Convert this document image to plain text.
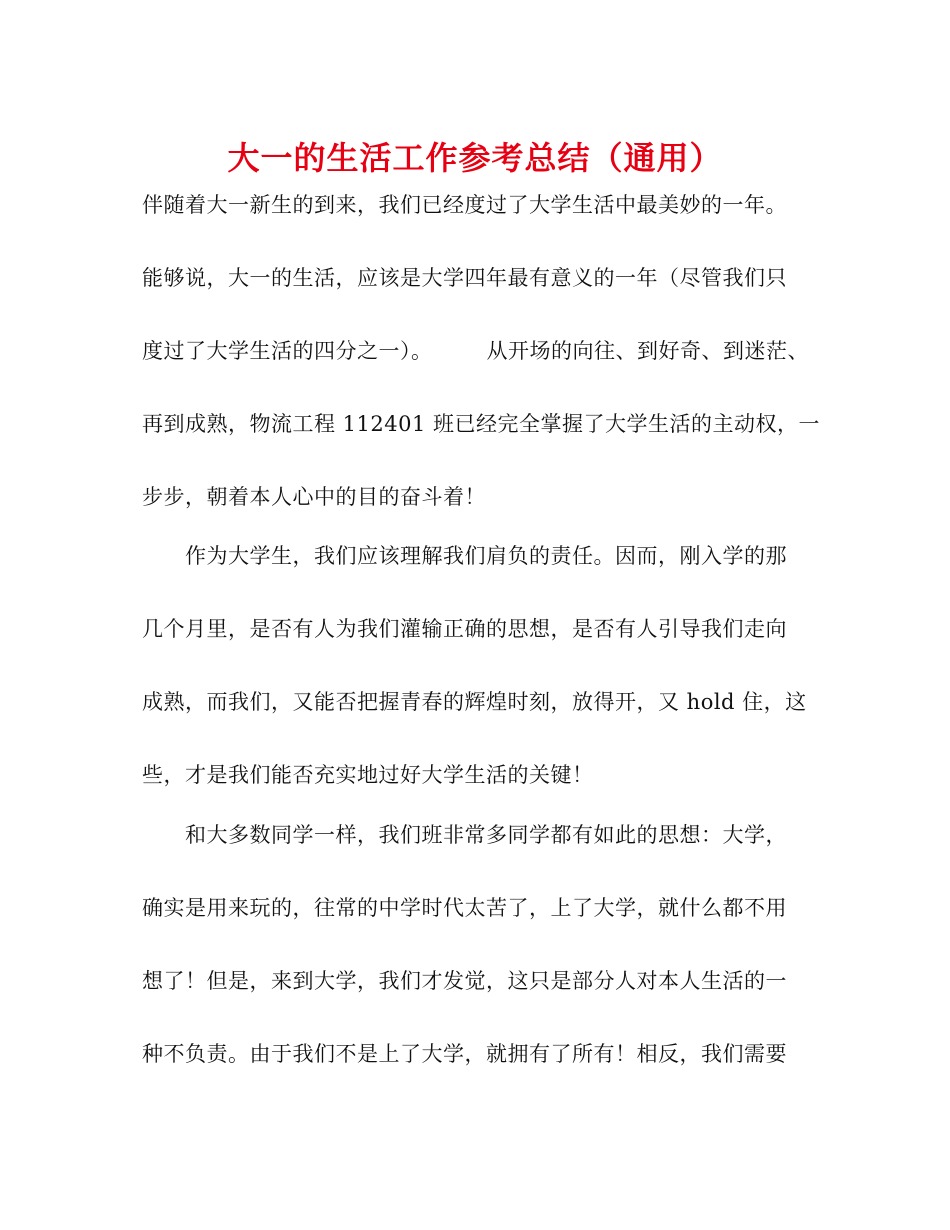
大一的生活工作参考总结（通用）

伴随着大一新生的到来，我们已经度过了大学生活中最美妙的一年。

能够说，大一的生活，应该是大学四年最有意义的一年（尽管我们只

度过了大学生活的四分之一）。　　　从开场的向往、到好奇、到迷茫、

再到成熟，物流工程 112401 班已经完全掌握了大学生活的主动权，一

步步，朝着本人心中的目的奋斗着！

　　作为大学生，我们应该理解我们肩负的责任。因而，刚入学的那

几个月里，是否有人为我们灌输正确的思想，是否有人引导我们走向

成熟，而我们，又能否把握青春的辉煌时刻，放得开，又 hold 住，这

些，才是我们能否充实地过好大学生活的关键！

　　和大多数同学一样，我们班非常多同学都有如此的思想：大学，

确实是用来玩的，往常的中学时代太苦了，上了大学，就什么都不用

想了！但是，来到大学，我们才发觉，这只是部分人对本人生活的一

种不负责。由于我们不是上了大学，就拥有了所有！相反，我们需要
